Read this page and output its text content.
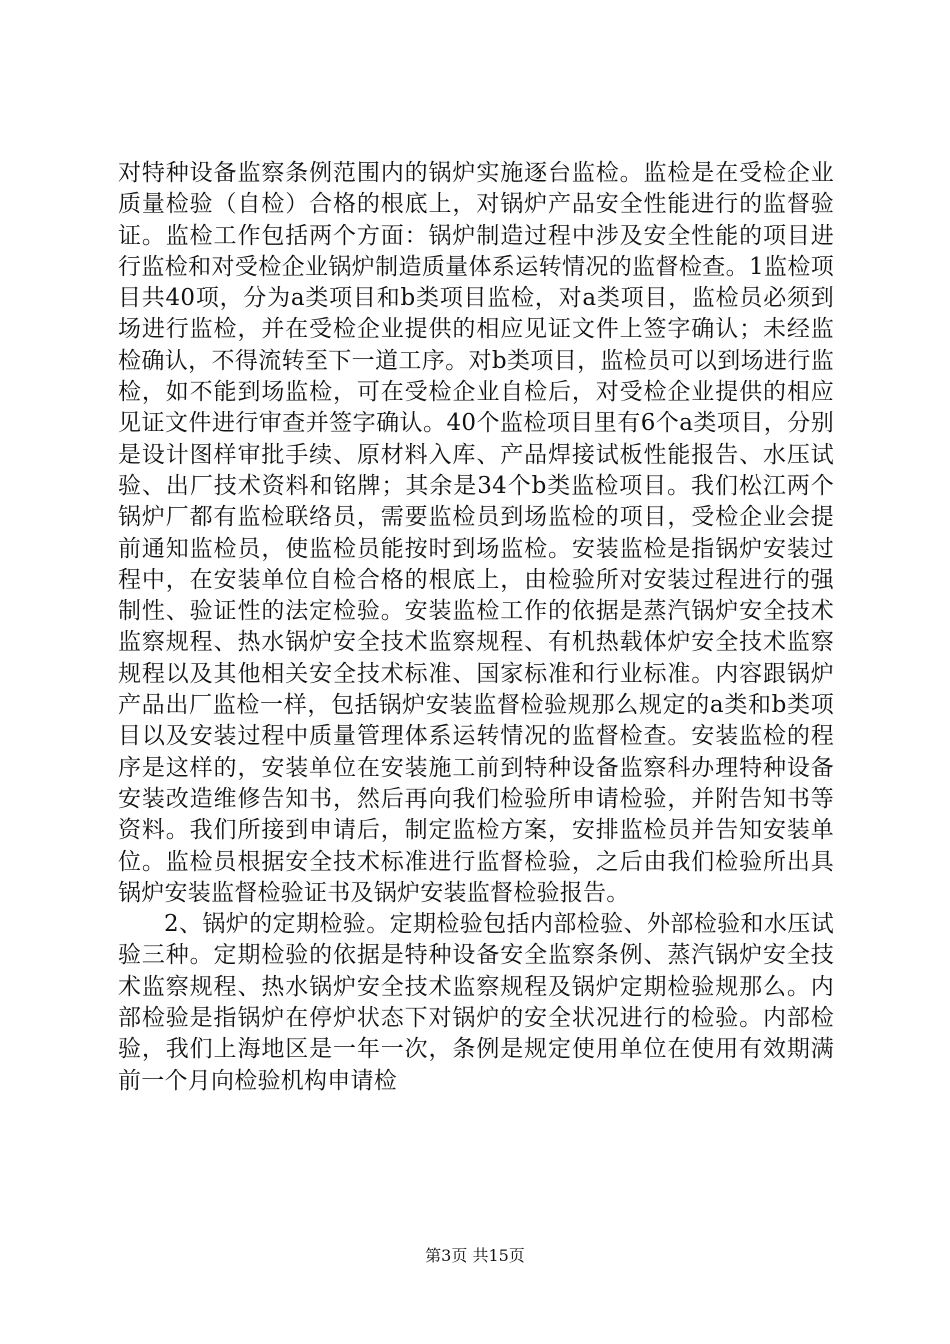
对特种设备监察条例范围内的锅炉实施逐台监检。监检是在受检企业质量检验（自检）合格的根底上，对锅炉产品安全性能进行的监督验证。监检工作包括两个方面：锅炉制造过程中涉及安全性能的项目进行监检和对受检企业锅炉制造质量体系运转情况的监督检查。1监检项目共40项，分为a类项目和b类项目监检，对a类项目，监检员必须到场进行监检，并在受检企业提供的相应见证文件上签字确认；未经监检确认，不得流转至下一道工序。对b类项目，监检员可以到场进行监检，如不能到场监检，可在受检企业自检后，对受检企业提供的相应见证文件进行审查并签字确认。40个监检项目里有6个a类项目，分别是设计图样审批手续、原材料入库、产品焊接试板性能报告、水压试验、出厂技术资料和铭牌；其余是34个b类监检项目。我们松江两个锅炉厂都有监检联络员，需要监检员到场监检的项目，受检企业会提前通知监检员，使监检员能按时到场监检。安装监检是指锅炉安装过程中，在安装单位自检合格的根底上，由检验所对安装过程进行的强制性、验证性的法定检验。安装监检工作的依据是蒸汽锅炉安全技术监察规程、热水锅炉安全技术监察规程、有机热载体炉安全技术监察规程以及其他相关安全技术标准、国家标准和行业标准。内容跟锅炉产品出厂监检一样，包括锅炉安装监督检验规那么规定的a类和b类项目以及安装过程中质量管理体系运转情况的监督检查。安装监检的程序是这样的，安装单位在安装施工前到特种设备监察科办理特种设备安装改造维修告知书，然后再向我们检验所申请检验，并附告知书等资料。我们所接到申请后，制定监检方案，安排监检员并告知安装单位。监检员根据安全技术标准进行监督检验，之后由我们检验所出具锅炉安装监督检验证书及锅炉安装监督检验报告。

2、锅炉的定期检验。定期检验包括内部检验、外部检验和水压试验三种。定期检验的依据是特种设备安全监察条例、蒸汽锅炉安全技术监察规程、热水锅炉安全技术监察规程及锅炉定期检验规那么。内部检验是指锅炉在停炉状态下对锅炉的安全状况进行的检验。内部检验，我们上海地区是一年一次，条例是规定使用单位在使用有效期满前一个月向检验机构申请检

第3页 共15页
